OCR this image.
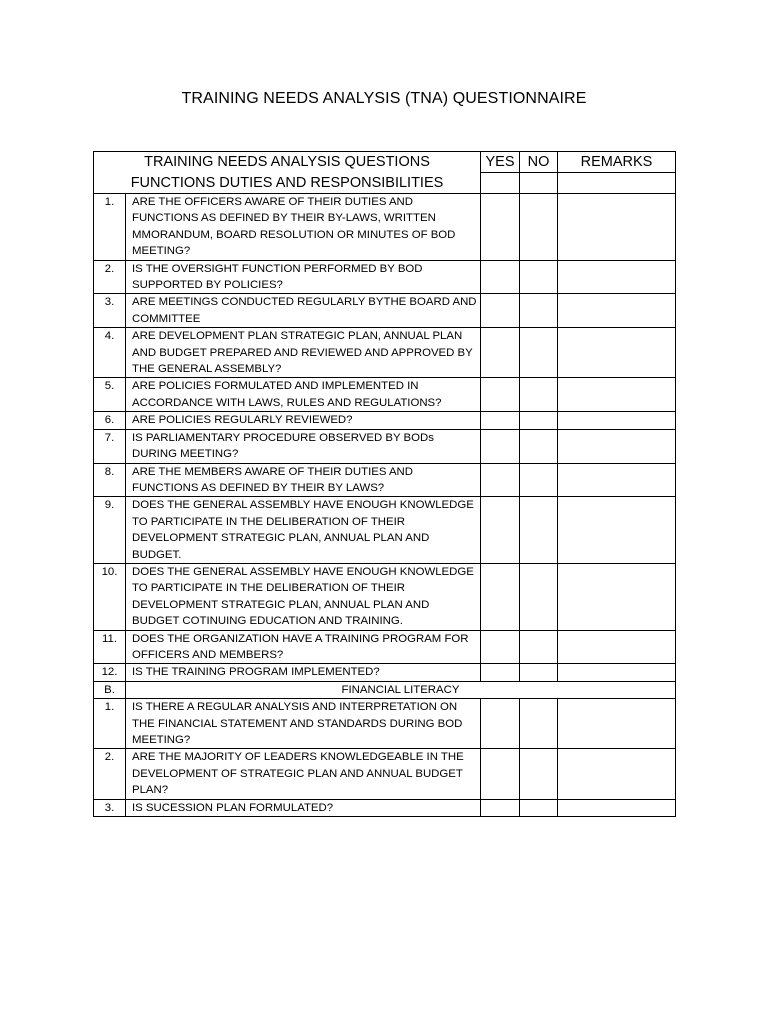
TRAINING NEEDS ANALYSIS (TNA) QUESTIONNAIRE
TRAINING NEEDS ANALYSIS QUESTIONS		YES	NO	REMARKS
FUNCTIONS DUTIES AND RESPONSIBILITIES				
1.	ARE THE OFFICERS AWARE OF THEIR DUTIES AND FUNCTIONS AS DEFINED BY THEIR BY-LAWS, WRITTEN MMORANDUM, BOARD RESOLUTION OR MINUTES OF BOD MEETING?			
2.	IS THE OVERSIGHT FUNCTION PERFORMED BY BOD SUPPORTED BY POLICIES?			
3.	ARE MEETINGS CONDUCTED REGULARLY BYTHE BOARD AND COMMITTEE			
4.	ARE DEVELOPMENT PLAN STRATEGIC PLAN, ANNUAL PLAN AND BUDGET PREPARED AND REVIEWED AND APPROVED BY THE GENERAL ASSEMBLY?			
5.	ARE POLICIES FORMULATED AND IMPLEMENTED IN ACCORDANCE WITH LAWS, RULES AND REGULATIONS?			
6.	ARE POLICIES REGULARLY REVIEWED?			
7.	IS PARLIAMENTARY PROCEDURE OBSERVED BY BODs DURING MEETING?			
8.	ARE THE MEMBERS AWARE OF THEIR DUTIES AND FUNCTIONS AS DEFINED BY THEIR BY LAWS?			
9.	DOES THE GENERAL ASSEMBLY HAVE ENOUGH KNOWLEDGE TO PARTICIPATE IN THE DELIBERATION OF THEIR DEVELOPMENT STRATEGIC PLAN, ANNUAL PLAN AND BUDGET.			
10.	DOES THE GENERAL ASSEMBLY HAVE ENOUGH KNOWLEDGE TO PARTICIPATE IN THE DELIBERATION OF THEIR DEVELOPMENT STRATEGIC PLAN, ANNUAL PLAN AND BUDGET COTINUING EDUCATION AND TRAINING.			
11.	DOES THE ORGANIZATION HAVE A TRAINING PROGRAM FOR OFFICERS AND MEMBERS?			
12.	IS THE TRAINING PROGRAM IMPLEMENTED?			
B.	FINANCIAL LITERACY			
1.	IS THERE A REGULAR ANALYSIS AND INTERPRETATION ON THE FINANCIAL STATEMENT AND STANDARDS DURING BOD MEETING?			
2.	ARE THE MAJORITY OF LEADERS KNOWLEDGEABLE IN THE DEVELOPMENT OF STRATEGIC PLAN AND ANNUAL BUDGET PLAN?			
3.	IS SUCESSION PLAN FORMULATED?			
